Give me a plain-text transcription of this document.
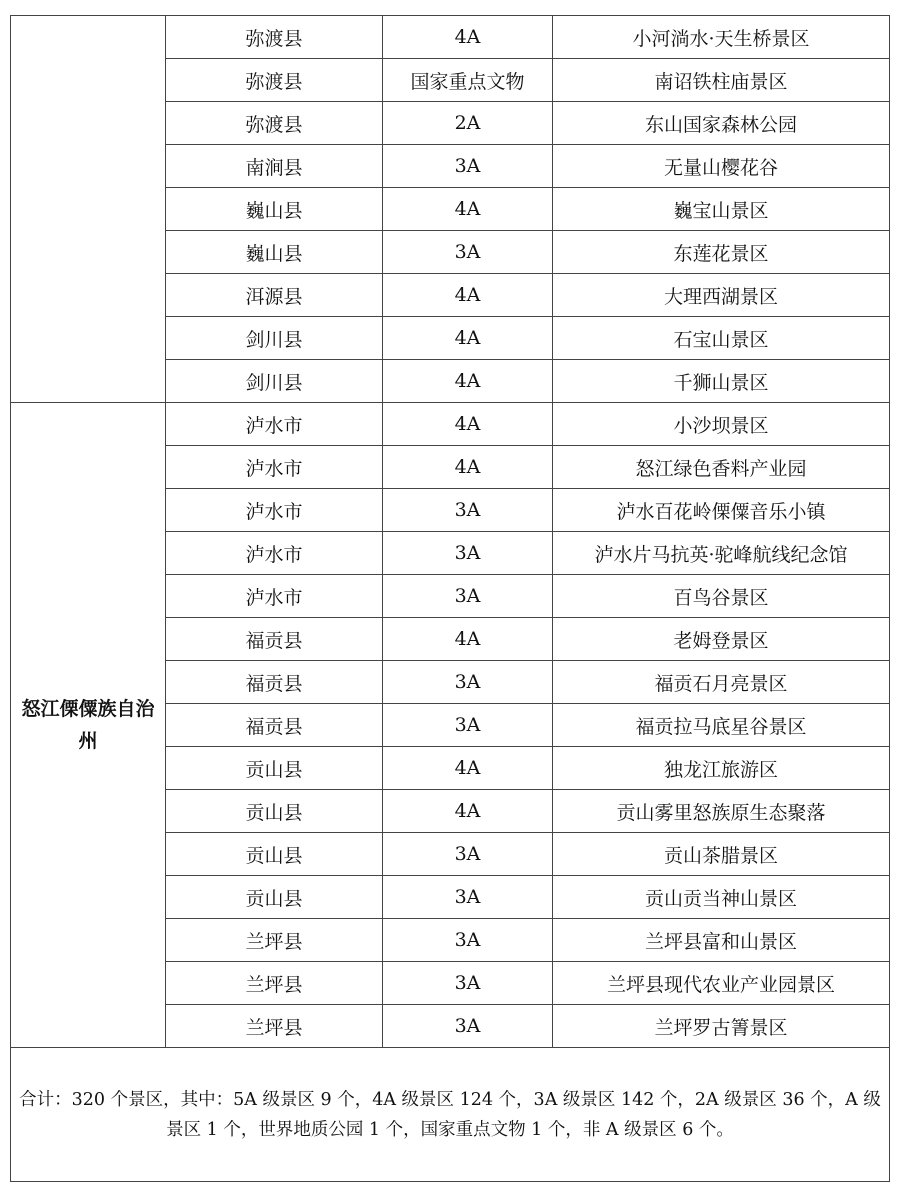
	弥渡县	4A	小河淌水·天生桥景区
	弥渡县	国家重点文物	南诏铁柱庙景区
	弥渡县	2A	东山国家森林公园
	南涧县	3A	无量山樱花谷
	巍山县	4A	巍宝山景区
	巍山县	3A	东莲花景区
	洱源县	4A	大理西湖景区
	剑川县	4A	石宝山景区
	剑川县	4A	千狮山景区
怒江傈僳族自治州	泸水市	4A	小沙坝景区
	泸水市	4A	怒江绿色香料产业园
	泸水市	3A	泸水百花岭傈僳音乐小镇
	泸水市	3A	泸水片马抗英·驼峰航线纪念馆
	泸水市	3A	百鸟谷景区
	福贡县	4A	老姆登景区
	福贡县	3A	福贡石月亮景区
	福贡县	3A	福贡拉马底星谷景区
	贡山县	4A	独龙江旅游区
	贡山县	4A	贡山雾里怒族原生态聚落
	贡山县	3A	贡山茶腊景区
	贡山县	3A	贡山贡当神山景区
	兰坪县	3A	兰坪县富和山景区
	兰坪县	3A	兰坪县现代农业产业园景区
	兰坪县	3A	兰坪罗古箐景区
合计：320 个景区，其中：5A 级景区 9 个，4A 级景区 124 个，3A 级景区 142 个，2A 级景区 36 个，A 级景区 1 个，世界地质公园 1 个，国家重点文物 1 个，非 A 级景区 6 个。			
